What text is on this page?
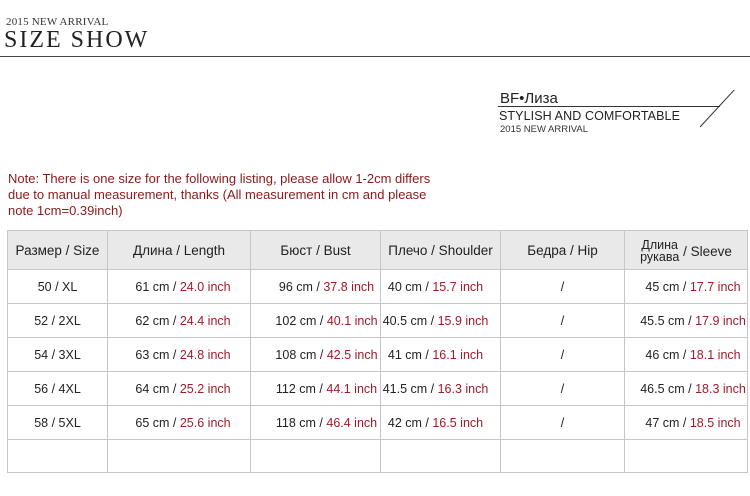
2015 NEW ARRIVAL
SIZE SHOW
BF•Лиза
STYLISH AND COMFORTABLE
2015 NEW ARRIVAL
Note: There is one size for the following listing, please allow 1-2cm differs due to manual measurement, thanks (All measurement in cm and please note 1cm=0.39inch)
Размер / Size	Длина / Length	Бюст / Bust	Плечо / Shoulder	Бедра / Hip	Длина
рукава
/ Sleeve

50 / XL	61 cm / 24.0 inch	96 cm / 37.8 inch	40 cm / 15.7 inch	/	45 cm / 17.7 inch
52 / 2XL	62 cm / 24.4 inch	102 cm / 40.1 inch	40.5 cm / 15.9 inch	/	45.5 cm / 17.9 inch
54 / 3XL	63 cm / 24.8 inch	108 cm / 42.5 inch	41 cm / 16.1 inch	/	46 cm / 18.1 inch
56 / 4XL	64 cm / 25.2 inch	112 cm / 44.1 inch	41.5 cm / 16.3 inch	/	46.5 cm / 18.3 inch
58 / 5XL	65 cm / 25.6 inch	118 cm / 46.4 inch	42 cm / 16.5 inch	/	47 cm / 18.5 inch
